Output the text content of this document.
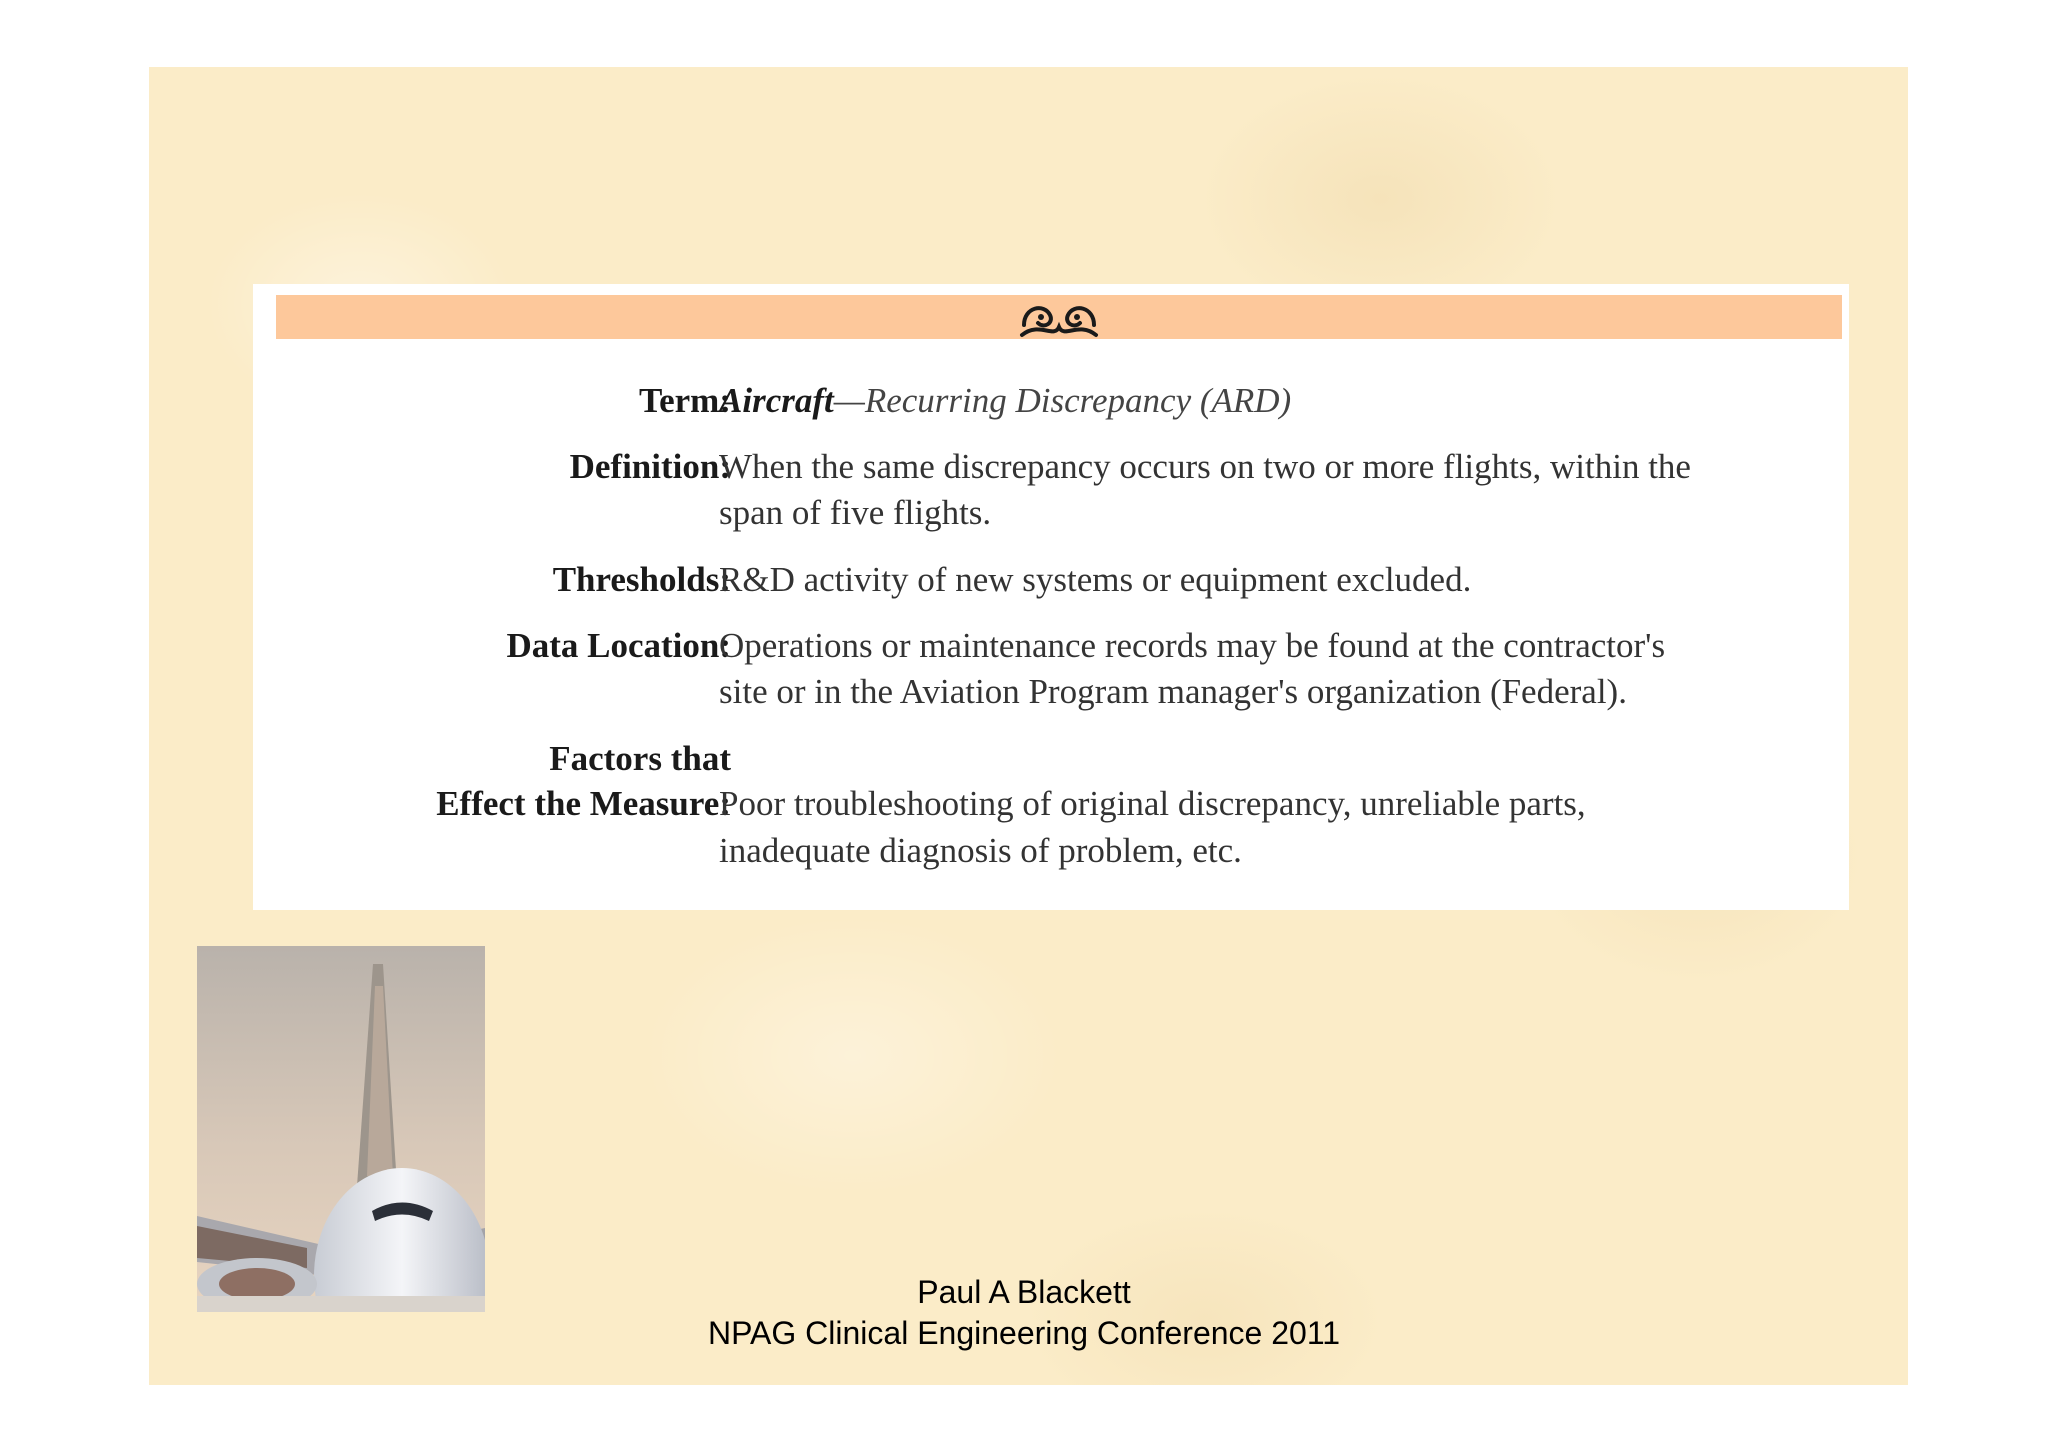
Term:
Aircraft—Recurring Discrepancy (ARD)
Definition:
When the same discrepancy occurs on two or more flights, within the
span of five flights.
Thresholds:
R&D activity of new systems or equipment excluded.
Data Location:
Operations or maintenance records may be found at the contractor's
site or in the Aviation Program manager's organization (Federal).
Factors that
Effect the Measure:
Poor troubleshooting of original discrepancy, unreliable parts,
inadequate diagnosis of problem, etc.
Paul A Blackett
NPAG Clinical Engineering Conference 2011
